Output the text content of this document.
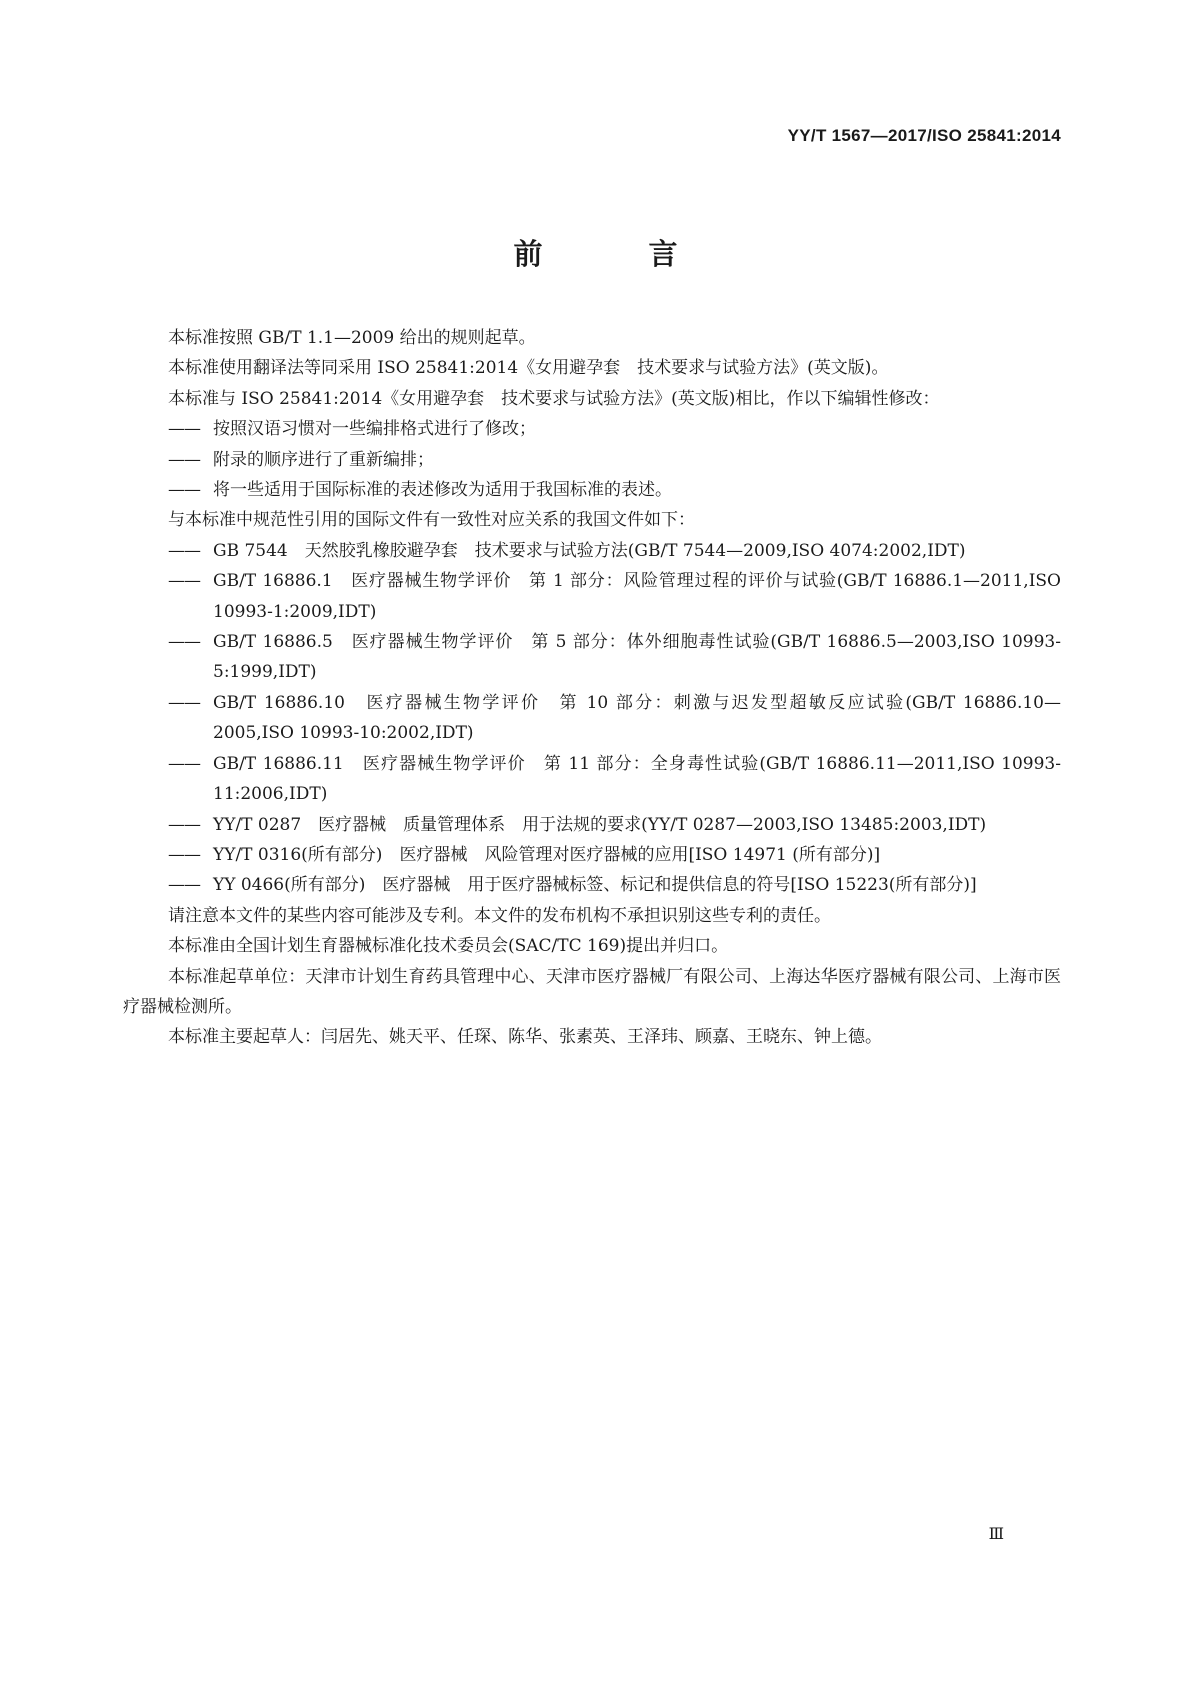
YY/T 1567—2017/ISO 25841:2014
前 言

本标准按照 GB/T 1.1—2009 给出的规则起草。

本标准使用翻译法等同采用 ISO 25841:2014《女用避孕套　技术要求与试验方法》(英文版)。

本标准与 ISO 25841:2014《女用避孕套　技术要求与试验方法》(英文版)相比，作以下编辑性修改：

—— 按照汉语习惯对一些编排格式进行了修改；
—— 附录的顺序进行了重新编排；
—— 将一些适用于国际标准的表述修改为适用于我国标准的表述。

与本标准中规范性引用的国际文件有一致性对应关系的我国文件如下：

—— GB 7544　天然胶乳橡胶避孕套　技术要求与试验方法(GB/T 7544—2009,ISO 4074:2002,IDT)
—— GB/T 16886.1　医疗器械生物学评价　第 1 部分：风险管理过程的评价与试验(GB/T 16886.1—2011,ISO 10993-1:2009,IDT)
—— GB/T 16886.5　医疗器械生物学评价　第 5 部分：体外细胞毒性试验(GB/T 16886.5—2003,ISO 10993-5:1999,IDT)
—— GB/T 16886.10　医疗器械生物学评价　第 10 部分：刺激与迟发型超敏反应试验(GB/T 16886.10—2005,ISO 10993-10:2002,IDT)
—— GB/T 16886.11　医疗器械生物学评价　第 11 部分：全身毒性试验(GB/T 16886.11—2011,ISO 10993-11:2006,IDT)
—— YY/T 0287　医疗器械　质量管理体系　用于法规的要求(YY/T 0287—2003,ISO 13485:2003,IDT)
—— YY/T 0316(所有部分)　医疗器械　风险管理对医疗器械的应用[ISO 14971 (所有部分)]
—— YY 0466(所有部分)　医疗器械　用于医疗器械标签、标记和提供信息的符号[ISO 15223(所有部分)]

请注意本文件的某些内容可能涉及专利。本文件的发布机构不承担识别这些专利的责任。

本标准由全国计划生育器械标准化技术委员会(SAC/TC 169)提出并归口。

本标准起草单位：天津市计划生育药具管理中心、天津市医疗器械厂有限公司、上海达华医疗器械有限公司、上海市医疗器械检测所。

本标准主要起草人：闫居先、姚天平、任琛、陈华、张素英、王泽玮、顾嘉、王晓东、钟上德。

Ⅲ
